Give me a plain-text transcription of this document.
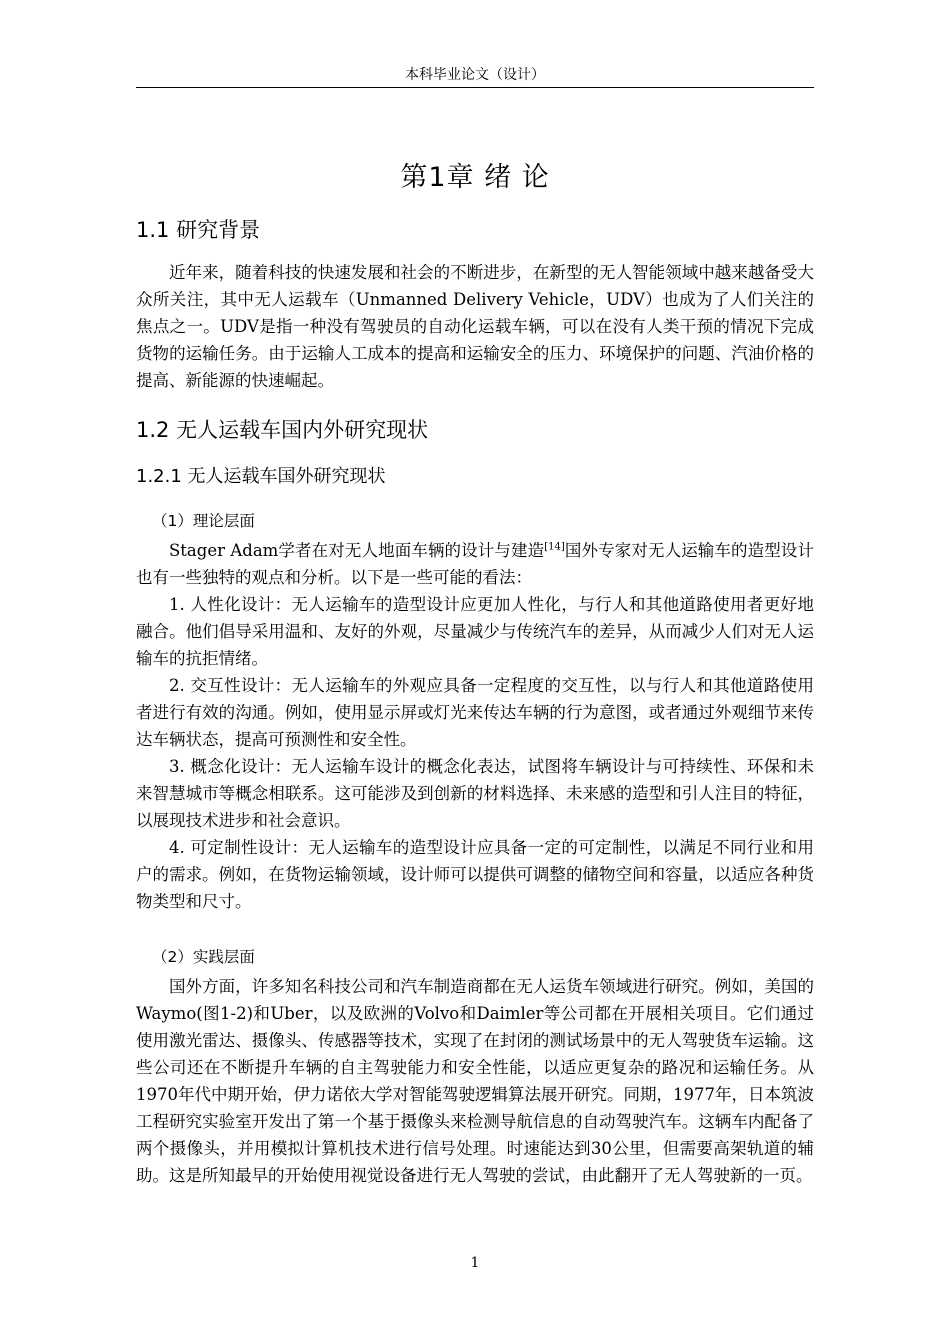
本科毕业论文（设计）
第1章 绪 论
1.1 研究背景

近年来，随着科技的快速发展和社会的不断进步，在新型的无人智能领域中越来越备受大众所关注，其中无人运载车（Unmanned Delivery Vehicle，UDV）也成为了人们关注的焦点之一。UDV是指一种没有驾驶员的自动化运载车辆，可以在没有人类干预的情况下完成货物的运输任务。由于运输人工成本的提高和运输安全的压力、环境保护的问题、汽油价格的提高、新能源的快速崛起。

1.2 无人运载车国内外研究现状
1.2.1 无人运载车国外研究现状
（1）理论层面

Stager Adam学者在对无人地面车辆的设计与建造[14]国外专家对无人运输车的造型设计也有一些独特的观点和分析。以下是一些可能的看法：

1. 人性化设计：无人运输车的造型设计应更加人性化，与行人和其他道路使用者更好地融合。他们倡导采用温和、友好的外观，尽量减少与传统汽车的差异，从而减少人们对无人运输车的抗拒情绪。

2. 交互性设计：无人运输车的外观应具备一定程度的交互性，以与行人和其他道路使用者进行有效的沟通。例如，使用显示屏或灯光来传达车辆的行为意图，或者通过外观细节来传达车辆状态，提高可预测性和安全性。

3. 概念化设计：无人运输车设计的概念化表达，试图将车辆设计与可持续性、环保和未来智慧城市等概念相联系。这可能涉及到创新的材料选择、未来感的造型和引人注目的特征，以展现技术进步和社会意识。

4. 可定制性设计：无人运输车的造型设计应具备一定的可定制性，以满足不同行业和用户的需求。例如，在货物运输领域，设计师可以提供可调整的储物空间和容量，以适应各种货物类型和尺寸。

（2）实践层面

国外方面，许多知名科技公司和汽车制造商都在无人运货车领域进行研究。例如，美国的Waymo(图1-2)和Uber，以及欧洲的Volvo和Daimler等公司都在开展相关项目。它们通过使用激光雷达、摄像头、传感器等技术，实现了在封闭的测试场景中的无人驾驶货车运输。这些公司还在不断提升车辆的自主驾驶能力和安全性能，以适应更复杂的路况和运输任务。从1970年代中期开始，伊力诺依大学对智能驾驶逻辑算法展开研究。同期，1977年，日本筑波工程研究实验室开发出了第一个基于摄像头来检测导航信息的自动驾驶汽车。这辆车内配备了两个摄像头，并用模拟计算机技术进行信号处理。时速能达到30公里，但需要高架轨道的辅助。这是所知最早的开始使用视觉设备进行无人驾驶的尝试，由此翻开了无人驾驶新的一页。

1
